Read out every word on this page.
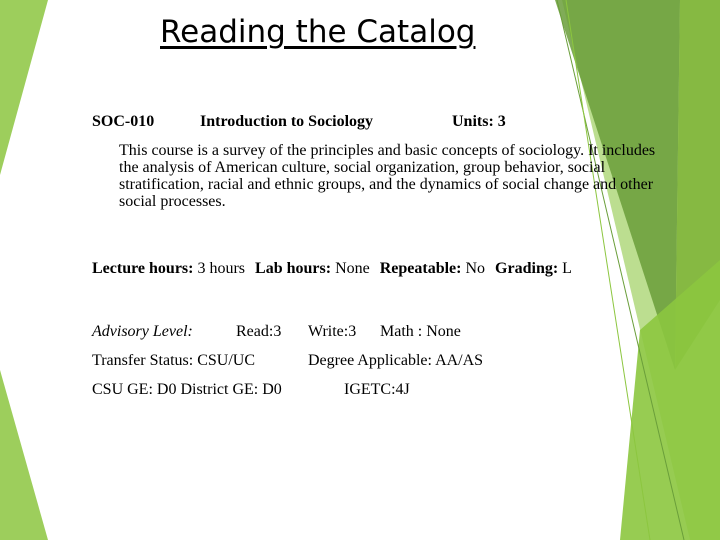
Reading the Catalog
SOC-010	Introduction to Sociology	Units: 3
This course is a survey of the principles and basic concepts of sociology. It includes the analysis of American culture, social organization, group behavior, social stratification, racial and ethnic groups, and the dynamics of social change and other social processes.
Lecture hours: 3 hours Lab hours: None Repeatable: No Grading: L
Advisory Level:	Read:3 Write:3 Math : None
Transfer Status: CSU/UC	Degree Applicable: AA/AS
CSU GE: D0 District GE: D0	IGETC:4J
